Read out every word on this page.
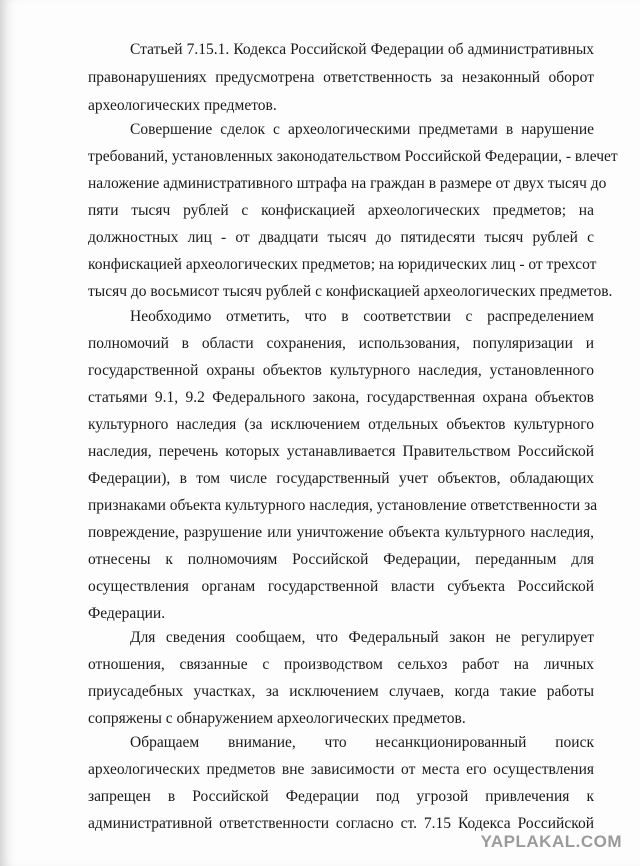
Статьей 7.15.1. Кодекса Российской Федерации об административных
правонарушениях предусмотрена ответственность за незаконный оборот
археологических предметов.
Совершение сделок с археологическими предметами в нарушение
требований, установленных законодательством Российской Федерации, - влечет
наложение административного штрафа на граждан в размере от двух тысяч до
пяти тысяч рублей с конфискацией археологических предметов; на
должностных лиц - от двадцати тысяч до пятидесяти тысяч рублей с
конфискацией археологических предметов; на юридических лиц - от трехсот
тысяч до восьмисот тысяч рублей с конфискацией археологических предметов.
Необходимо отметить, что в соответствии с распределением
полномочий в области сохранения, использования, популяризации и
государственной охраны объектов культурного наследия, установленного
статьями 9.1, 9.2 Федерального закона, государственная охрана объектов
культурного наследия (за исключением отдельных объектов культурного
наследия, перечень которых устанавливается Правительством Российской
Федерации), в том числе государственный учет объектов, обладающих
признаками объекта культурного наследия, установление ответственности за
повреждение, разрушение или уничтожение объекта культурного наследия,
отнесены к полномочиям Российской Федерации, переданным для
осуществления органам государственной власти субъекта Российской
Федерации.
Для сведения сообщаем, что Федеральный закон не регулирует
отношения, связанные с производством сельхоз работ на личных
приусадебных участках, за исключением случаев, когда такие работы
сопряжены с обнаружением археологических предметов.
Обращаем внимание, что несанкционированный поиск
археологических предметов вне зависимости от места его осуществления
запрещен в Российской Федерации под угрозой привлечения к
административной ответственности согласно ст. 7.15 Кодекса Российской
YAPLAKAL.COM
